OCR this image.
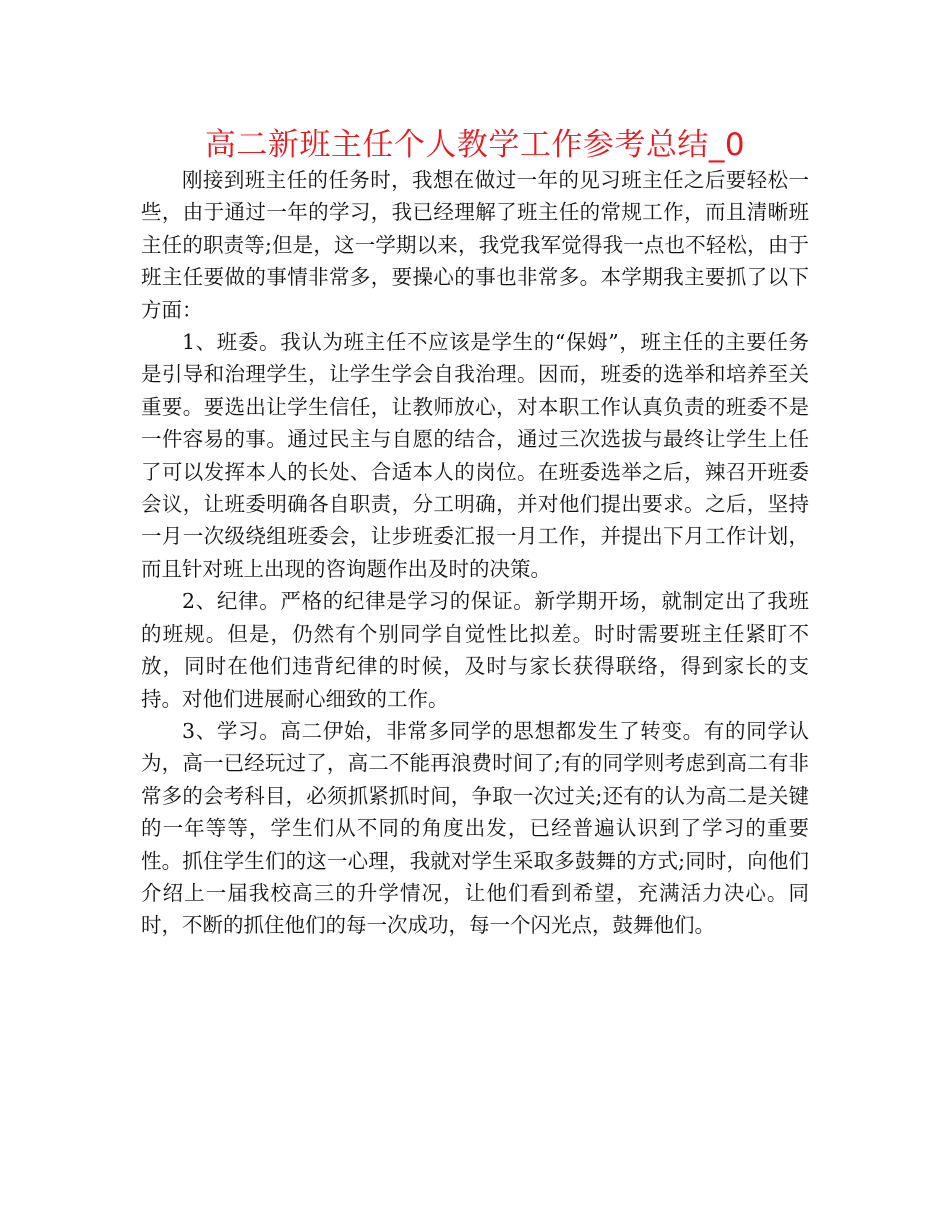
高二新班主任个人教学工作参考总结_0

刚接到班主任的任务时，我想在做过一年的见习班主任之后要轻松一些，由于通过一年的学习，我已经理解了班主任的常规工作，而且清晰班主任的职责等;但是，这一学期以来，我党我军觉得我一点也不轻松，由于班主任要做的事情非常多，要操心的事也非常多。本学期我主要抓了以下方面：

1、班委。我认为班主任不应该是学生的“保姆”，班主任的主要任务是引导和治理学生，让学生学会自我治理。因而，班委的选举和培养至关重要。要选出让学生信任，让教师放心，对本职工作认真负责的班委不是一件容易的事。通过民主与自愿的结合，通过三次选拔与最终让学生上任了可以发挥本人的长处、合适本人的岗位。在班委选举之后，辣召开班委会议，让班委明确各自职责，分工明确，并对他们提出要求。之后，坚持一月一次级绕组班委会，让步班委汇报一月工作，并提出下月工作计划，而且针对班上出现的咨询题作出及时的决策。

2、纪律。严格的纪律是学习的保证。新学期开场，就制定出了我班的班规。但是，仍然有个别同学自觉性比拟差。时时需要班主任紧盯不放，同时在他们违背纪律的时候，及时与家长获得联络，得到家长的支持。对他们进展耐心细致的工作。

3、学习。高二伊始，非常多同学的思想都发生了转变。有的同学认为，高一已经玩过了，高二不能再浪费时间了;有的同学则考虑到高二有非常多的会考科目，必须抓紧抓时间，争取一次过关;还有的认为高二是关键的一年等等，学生们从不同的角度出发，已经普遍认识到了学习的重要性。抓住学生们的这一心理，我就对学生采取多鼓舞的方式;同时，向他们介绍上一届我校高三的升学情况，让他们看到希望，充满活力决心。同时，不断的抓住他们的每一次成功，每一个闪光点，鼓舞他们。
